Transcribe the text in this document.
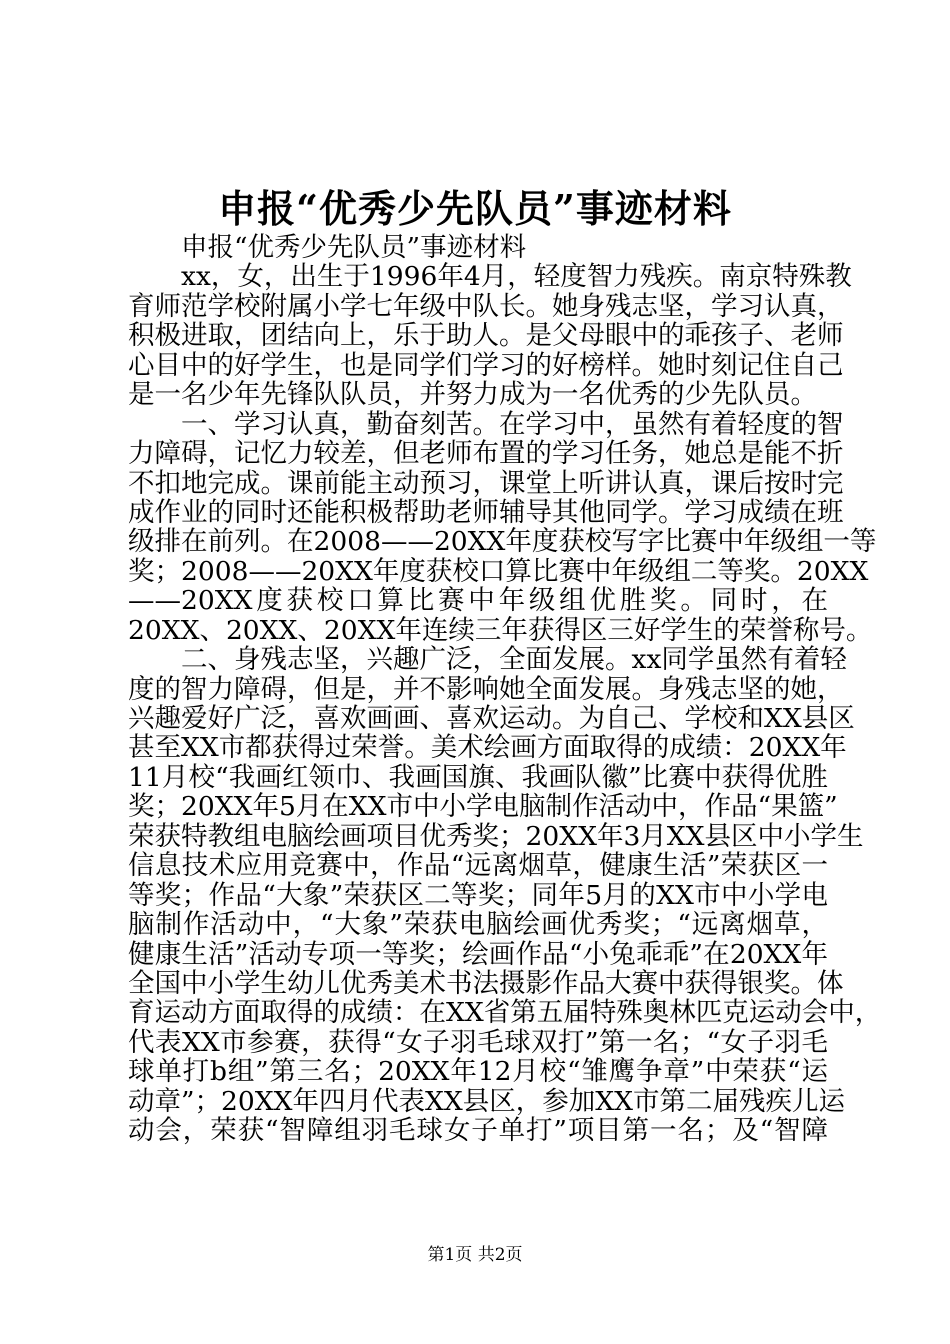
申报“优秀少先队员”事迹材料
申报“优秀少先队员”事迹材料
xx，女，出生于1996年4月，轻度智力残疾。南京特殊教
育师范学校附属小学七年级中队长。她身残志坚，学习认真，
积极进取，团结向上，乐于助人。是父母眼中的乖孩子、老师
心目中的好学生，也是同学们学习的好榜样。她时刻记住自己
是一名少年先锋队队员，并努力成为一名优秀的少先队员。
一、学习认真，勤奋刻苦。在学习中，虽然有着轻度的智
力障碍，记忆力较差，但老师布置的学习任务，她总是能不折
不扣地完成。课前能主动预习，课堂上听讲认真，课后按时完
成作业的同时还能积极帮助老师辅导其他同学。学习成绩在班
级排在前列。在2008——20XX年度获校写字比赛中年级组一等
奖；2008——20XX年度获校口算比赛中年级组二等奖。20XX
——20XX度获校口算比赛中年级组优胜奖。同时，在
20XX、20XX、20XX年连续三年获得区三好学生的荣誉称号。
二、身残志坚，兴趣广泛，全面发展。xx同学虽然有着轻
度的智力障碍，但是，并不影响她全面发展。身残志坚的她，
兴趣爱好广泛，喜欢画画、喜欢运动。为自己、学校和XX县区
甚至XX市都获得过荣誉。美术绘画方面取得的成绩：20XX年
11月校“我画红领巾、我画国旗、我画队徽”比赛中获得优胜
奖；20XX年5月在XX市中小学电脑制作活动中，作品“果篮”
荣获特教组电脑绘画项目优秀奖；20XX年3月XX县区中小学生
信息技术应用竞赛中，作品“远离烟草，健康生活”荣获区一
等奖；作品“大象”荣获区二等奖；同年5月的XX市中小学电
脑制作活动中，“大象”荣获电脑绘画优秀奖；“远离烟草，
健康生活”活动专项一等奖；绘画作品“小兔乖乖”在20XX年
全国中小学生幼儿优秀美术书法摄影作品大赛中获得银奖。体
育运动方面取得的成绩：在XX省第五届特殊奥林匹克运动会中，
代表XX市参赛，获得“女子羽毛球双打”第一名；“女子羽毛
球单打b组”第三名；20XX年12月校“雏鹰争章”中荣获“运
动章”；20XX年四月代表XX县区，参加XX市第二届残疾儿运
动会，荣获“智障组羽毛球女子单打”项目第一名；及“智障
第1页 共2页
